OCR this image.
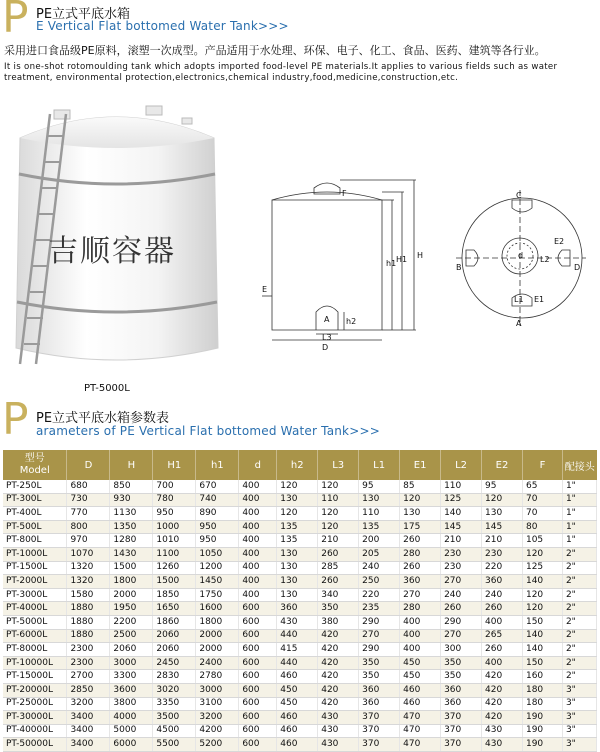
P PE立式平底水箱
E Vertical Flat bottomed Water Tank>>>
采用进口食品级PE原料，滚塑一次成型。产品适用于水处理、环保、电子、化工、食品、医药、建筑等各行业。
It is one-shot rotomoulding tank which adopts imported food-level PE materials.It applies to various fields such as water treatment, environmental protection,electronics,chemical industry,food,medicine,construction,etc.
吉顺容器
PT-5000L
F
h1 H1 H
h2
L3
A
D
E
C
E2
L2
D
B
d
L1 E1
A
P PE立式平底水箱参数表
arameters of PE Vertical Flat bottomed Water Tank>>>
型号
Model	D	H	H1	h1	d	h2	L3	L1	E1	L2	E2	F	配接头
PT-250L	680	850	700	670	400	120	120	95	85	110	95	65	1"
PT-300L	730	930	780	740	400	130	110	130	120	125	120	70	1"
PT-400L	770	1130	950	890	400	120	120	110	130	140	130	70	1"
PT-500L	800	1350	1000	950	400	135	120	135	175	145	145	80	1"
PT-800L	970	1280	1010	950	400	135	210	200	260	210	210	105	1"
PT-1000L	1070	1430	1100	1050	400	130	260	205	280	230	230	120	2"
PT-1500L	1320	1500	1260	1200	400	130	285	240	260	230	220	125	2"
PT-2000L	1320	1800	1500	1450	400	130	260	250	360	270	360	140	2"
PT-3000L	1580	2000	1850	1750	400	130	340	220	270	240	240	120	2"
PT-4000L	1880	1950	1650	1600	600	360	350	235	280	260	260	120	2"
PT-5000L	1880	2200	1860	1800	600	430	380	290	400	290	400	150	2"
PT-6000L	1880	2500	2060	2000	600	440	420	270	400	270	265	140	2"
PT-8000L	2300	2060	2060	2000	600	415	420	290	400	300	260	140	2"
PT-10000L	2300	3000	2450	2400	600	440	420	350	450	350	400	150	2"
PT-15000L	2700	3300	2830	2780	600	460	420	350	450	350	420	160	2"
PT-20000L	2850	3600	3020	3000	600	450	420	360	460	360	420	180	3"
PT-25000L	3200	3800	3350	3100	600	450	420	360	460	360	420	180	3"
PT-30000L	3400	4000	3500	3200	600	460	430	370	470	370	420	190	3"
PT-40000L	3400	5000	4500	4200	600	460	430	370	470	370	430	190	3"
PT-50000L	3400	6000	5500	5200	600	460	430	370	470	370	430	190	3"
